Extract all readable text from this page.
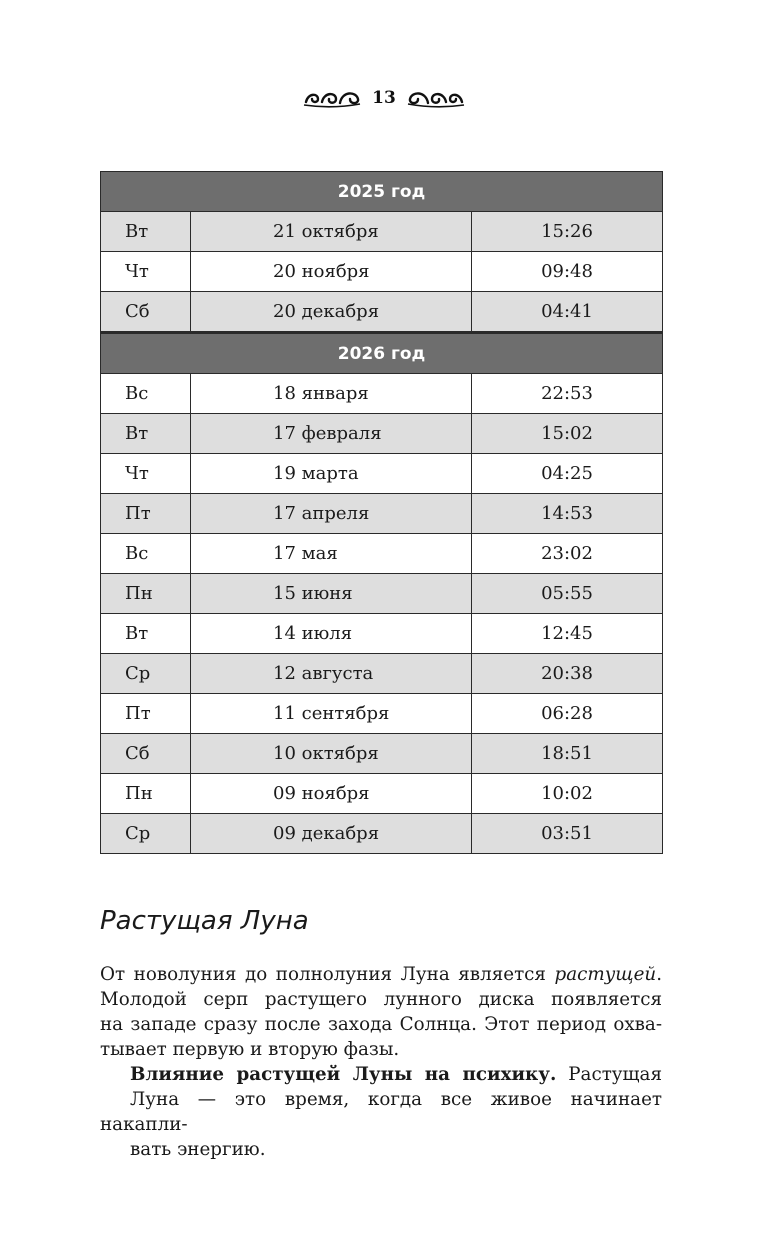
13
2025 год		
Вт	21 октября	15:26
Чт	20 ноября	09:48
Сб	20 декабря	04:41
2026 год		
Вс	18 января	22:53
Вт	17 февраля	15:02
Чт	19 марта	04:25
Пт	17 апреля	14:53
Вс	17 мая	23:02
Пн	15 июня	05:55
Вт	14 июля	12:45
Ср	12 августа	20:38
Пт	11 сентября	06:28
Сб	10 октября	18:51
Пн	09 ноября	10:02
Ср	09 декабря	03:51
Растущая Луна
От новолуния до полнолуния Луна является растущей.
Молодой серп растущего лунного диска появляется
на западе сразу после захода Солнца. Этот период охва-
тывает первую и вторую фазы.
Влияние растущей Луны на психику. Растущая
Луна — это время, когда все живое начинает накапли-
вать энергию.
